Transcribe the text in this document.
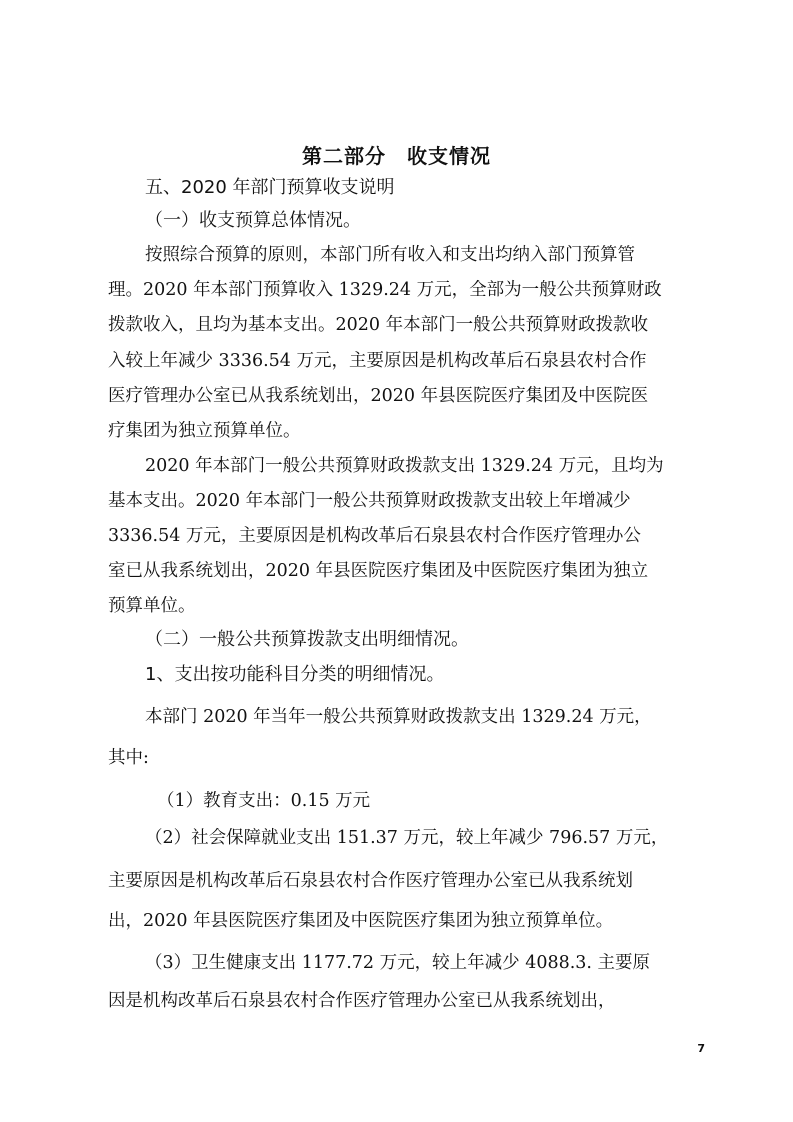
第二部分　收支情况
五、2020 年部门预算收支说明
（一）收支预算总体情况。
按照综合预算的原则，本部门所有收入和支出均纳入部门预算管
理。2020 年本部门预算收入 1329.24 万元，全部为一般公共预算财政
拨款收入，且均为基本支出。2020 年本部门一般公共预算财政拨款收
入较上年减少 3336.54 万元，主要原因是机构改革后石泉县农村合作
医疗管理办公室已从我系统划出，2020 年县医院医疗集团及中医院医
疗集团为独立预算单位。
2020 年本部门一般公共预算财政拨款支出 1329.24 万元，且均为
基本支出。2020 年本部门一般公共预算财政拨款支出较上年增减少
3336.54 万元，主要原因是机构改革后石泉县农村合作医疗管理办公
室已从我系统划出，2020 年县医院医疗集团及中医院医疗集团为独立
预算单位。
（二）一般公共预算拨款支出明细情况。
1、支出按功能科目分类的明细情况。
本部门 2020 年当年一般公共预算财政拨款支出 1329.24 万元，
其中:
（1）教育支出：0.15 万元
（2）社会保障就业支出 151.37 万元，较上年减少 796.57 万元，
主要原因是机构改革后石泉县农村合作医疗管理办公室已从我系统划
出，2020 年县医院医疗集团及中医院医疗集团为独立预算单位。
（3）卫生健康支出 1177.72 万元，较上年减少 4088.3. 主要原
因是机构改革后石泉县农村合作医疗管理办公室已从我系统划出，
7
